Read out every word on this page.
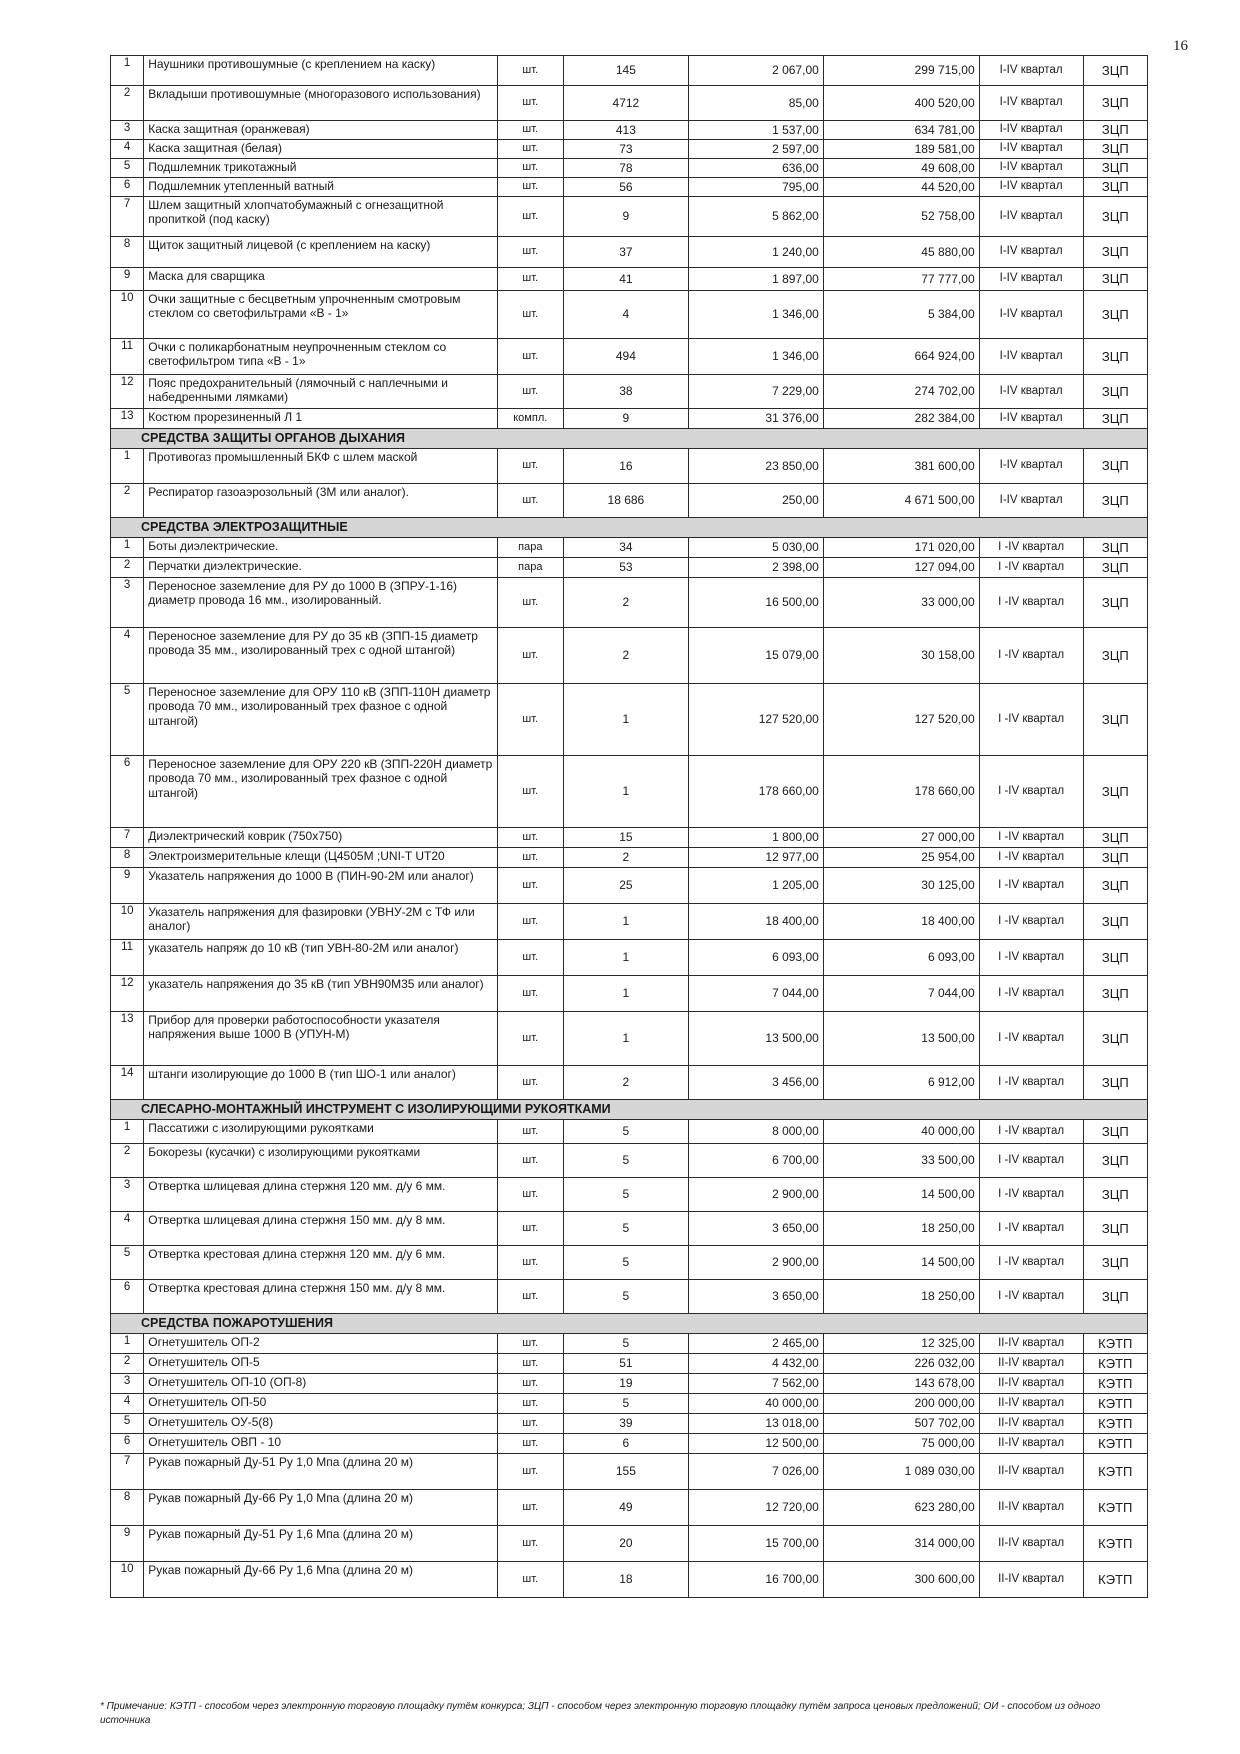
16
1	Наушники противошумные (с креплением на каску)	шт.	145	2 067,00	299 715,00	I-IV квартал	ЗЦП
2	Вкладыши противошумные (многоразового использования)	шт.	4712	85,00	400 520,00	I-IV квартал	ЗЦП
3	Каска защитная (оранжевая)	шт.	413	1 537,00	634 781,00	I-IV квартал	ЗЦП
4	Каска защитная (белая)	шт.	73	2 597,00	189 581,00	I-IV квартал	ЗЦП
5	Подшлемник трикотажный	шт.	78	636,00	49 608,00	I-IV квартал	ЗЦП
6	Подшлемник утепленный ватный	шт.	56	795,00	44 520,00	I-IV квартал	ЗЦП
7	Шлем защитный хлопчатобумажный с огнезащитной пропиткой (под каску)	шт.	9	5 862,00	52 758,00	I-IV квартал	ЗЦП
8	Щиток защитный лицевой (с креплением на каску)	шт.	37	1 240,00	45 880,00	I-IV квартал	ЗЦП
9	Маска для сварщика	шт.	41	1 897,00	77 777,00	I-IV квартал	ЗЦП
10	Очки защитные с бесцветным упрочненным смотровым стеклом со светофильтрами «В - 1»	шт.	4	1 346,00	5 384,00	I-IV квартал	ЗЦП
11	Очки с поликарбонатным неупрочненным стеклом со светофильтром типа «В - 1»	шт.	494	1 346,00	664 924,00	I-IV квартал	ЗЦП
12	Пояс предохранительный (лямочный с наплечными и набедренными лямками)	шт.	38	7 229,00	274 702,00	I-IV квартал	ЗЦП
13	Костюм прорезиненный Л 1	компл.	9	31 376,00	282 384,00	I-IV квартал	ЗЦП
СРЕДСТВА ЗАЩИТЫ ОРГАНОВ ДЫХАНИЯ							
1	Противогаз промышленный БКФ с шлем маской	шт.	16	23 850,00	381 600,00	I-IV квартал	ЗЦП
2	Респиратор газоаэрозольный (3М или аналог).	шт.	18 686	250,00	4 671 500,00	I-IV квартал	ЗЦП
СРЕДСТВА ЭЛЕКТРОЗАЩИТНЫЕ							
1	Боты диэлектрические.	пара	34	5 030,00	171 020,00	I -IV квартал	ЗЦП
2	Перчатки диэлектрические.	пара	53	2 398,00	127 094,00	I -IV квартал	ЗЦП
3	Переносное заземление для РУ до 1000 В (ЗПРУ-1-16) диаметр провода 16 мм., изолированный.	шт.	2	16 500,00	33 000,00	I -IV квартал	ЗЦП
4	Переносное заземление для РУ до 35 кВ (ЗПП-15 диаметр провода 35 мм., изолированный трех с одной штангой)	шт.	2	15 079,00	30 158,00	I -IV квартал	ЗЦП
5	Переносное заземление для ОРУ 110 кВ (ЗПП-110Н диаметр провода 70 мм., изолированный трех фазное с одной штангой)	шт.	1	127 520,00	127 520,00	I -IV квартал	ЗЦП
6	Переносное заземление для ОРУ 220 кВ (ЗПП-220Н диаметр провода 70 мм., изолированный трех фазное с одной штангой)	шт.	1	178 660,00	178 660,00	I -IV квартал	ЗЦП
7	Диэлектрический коврик (750х750)	шт.	15	1 800,00	27 000,00	I -IV квартал	ЗЦП
8	Электроизмерительные клещи (Ц4505М ;UNI-T UT20	шт.	2	12 977,00	25 954,00	I -IV квартал	ЗЦП
9	Указатель напряжения до 1000 В (ПИН-90-2М или аналог)	шт.	25	1 205,00	30 125,00	I -IV квартал	ЗЦП
10	Указатель напряжения для фазировки (УВНУ-2М с ТФ или аналог)	шт.	1	18 400,00	18 400,00	I -IV квартал	ЗЦП
11	указатель напряж до 10 кВ (тип УВН-80-2М или аналог)	шт.	1	6 093,00	6 093,00	I -IV квартал	ЗЦП
12	указатель напряжения до 35 кВ (тип УВН90М35 или аналог)	шт.	1	7 044,00	7 044,00	I -IV квартал	ЗЦП
13	Прибор для проверки работоспособности указателя напряжения выше 1000 В (УПУН-М)	шт.	1	13 500,00	13 500,00	I -IV квартал	ЗЦП
14	штанги изолирующие до 1000 В (тип ШО-1 или аналог)	шт.	2	3 456,00	6 912,00	I -IV квартал	ЗЦП
СЛЕСАРНО-МОНТАЖНЫЙ ИНСТРУМЕНТ С ИЗОЛИРУЮЩИМИ РУКОЯТКАМИ							
1	Пассатижи с изолирующими рукоятками	шт.	5	8 000,00	40 000,00	I -IV квартал	ЗЦП
2	Бокорезы (кусачки) с изолирующими рукоятками	шт.	5	6 700,00	33 500,00	I -IV квартал	ЗЦП
3	Отвертка шлицевая длина стержня 120 мм. д/у 6 мм.	шт.	5	2 900,00	14 500,00	I -IV квартал	ЗЦП
4	Отвертка шлицевая длина стержня 150 мм. д/у 8 мм.	шт.	5	3 650,00	18 250,00	I -IV квартал	ЗЦП
5	Отвертка крестовая длина стержня 120 мм. д/у 6 мм.	шт.	5	2 900,00	14 500,00	I -IV квартал	ЗЦП
6	Отвертка крестовая длина стержня 150 мм. д/у 8 мм.	шт.	5	3 650,00	18 250,00	I -IV квартал	ЗЦП
СРЕДСТВА ПОЖАРОТУШЕНИЯ							
1	Огнетушитель ОП-2	шт.	5	2 465,00	12 325,00	II-IV квартал	КЭТП
2	Огнетушитель ОП-5	шт.	51	4 432,00	226 032,00	II-IV квартал	КЭТП
3	Огнетушитель ОП-10 (ОП-8)	шт.	19	7 562,00	143 678,00	II-IV квартал	КЭТП
4	Огнетушитель ОП-50	шт.	5	40 000,00	200 000,00	II-IV квартал	КЭТП
5	Огнетушитель ОУ-5(8)	шт.	39	13 018,00	507 702,00	II-IV квартал	КЭТП
6	Огнетушитель ОВП - 10	шт.	6	12 500,00	75 000,00	II-IV квартал	КЭТП
7	Рукав пожарный Ду-51 Ру 1,0 Мпа (длина 20 м)	шт.	155	7 026,00	1 089 030,00	II-IV квартал	КЭТП
8	Рукав пожарный Ду-66 Ру 1,0 Мпа (длина 20 м)	шт.	49	12 720,00	623 280,00	II-IV квартал	КЭТП
9	Рукав пожарный Ду-51 Ру 1,6 Мпа (длина 20 м)	шт.	20	15 700,00	314 000,00	II-IV квартал	КЭТП
10	Рукав пожарный Ду-66 Ру 1,6 Мпа (длина 20 м)	шт.	18	16 700,00	300 600,00	II-IV квартал	КЭТП
* Примечание: КЭТП - способом через электронную торговую площадку путём конкурса; ЗЦП - способом через электронную торговую площадку путём запроса ценовых предложений; ОИ - способом из одного источника
